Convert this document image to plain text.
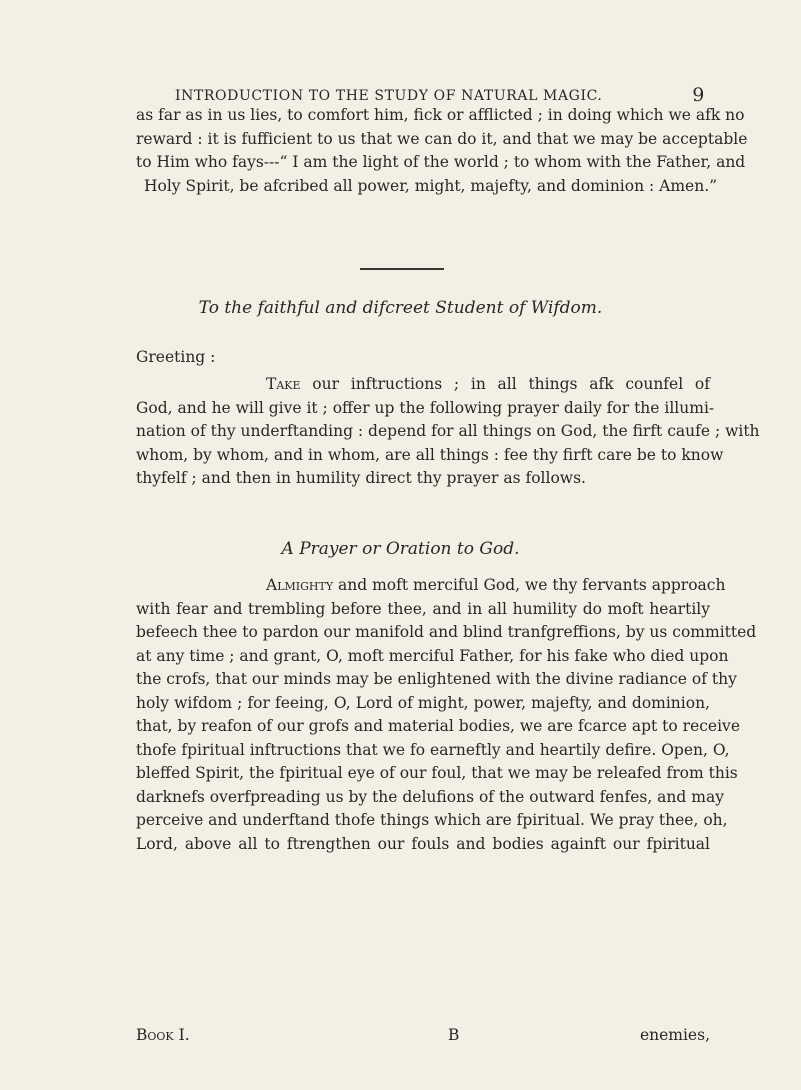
INTRODUCTION TO THE STUDY OF NATURAL MAGIC.	9
as far as in us lies, to comfort him, fick or afflicted ; in doing which we afk no
reward : it is fufficient to us that we can do it, and that we may be acceptable
to Him who fays---“ I am the light of the world ; to whom with the Father, and
Holy Spirit, be afcribed all power, might, majefty, and dominion : Amen.”
To the faithful and difcreet Student of Wifdom.
Greeting :
Take our inftructions ; in all things afk counfel of
God, and he will give it ; offer up the following prayer daily for the illumi-
nation of thy underftanding : depend for all things on God, the firft caufe ; with
whom, by whom, and in whom, are all things : fee thy firft care be to know
thyfelf ; and then in humility direct thy prayer as follows.
A Prayer or Oration to God.
Almighty and moft merciful God, we thy fervants approach
with fear and trembling before thee, and in all humility do moft heartily
befeech thee to pardon our manifold and blind tranfgreffions, by us committed
at any time ; and grant, O, moft merciful Father, for his fake who died upon
the crofs, that our minds may be enlightened with the divine radiance of thy
holy wifdom ; for feeing, O, Lord of might, power, majefty, and dominion,
that, by reafon of our grofs and material bodies, we are fcarce apt to receive
thofe fpiritual inftructions that we fo earneftly and heartily defire. Open, O,
bleffed Spirit, the fpiritual eye of our foul, that we may be releafed from this
darknefs overfpreading us by the delufions of the outward fenfes, and may
perceive and underftand thofe things which are fpiritual. We pray thee, oh,
Lord, above all to ftrengthen our fouls and bodies againft our fpiritual
Book I.	B	enemies,
